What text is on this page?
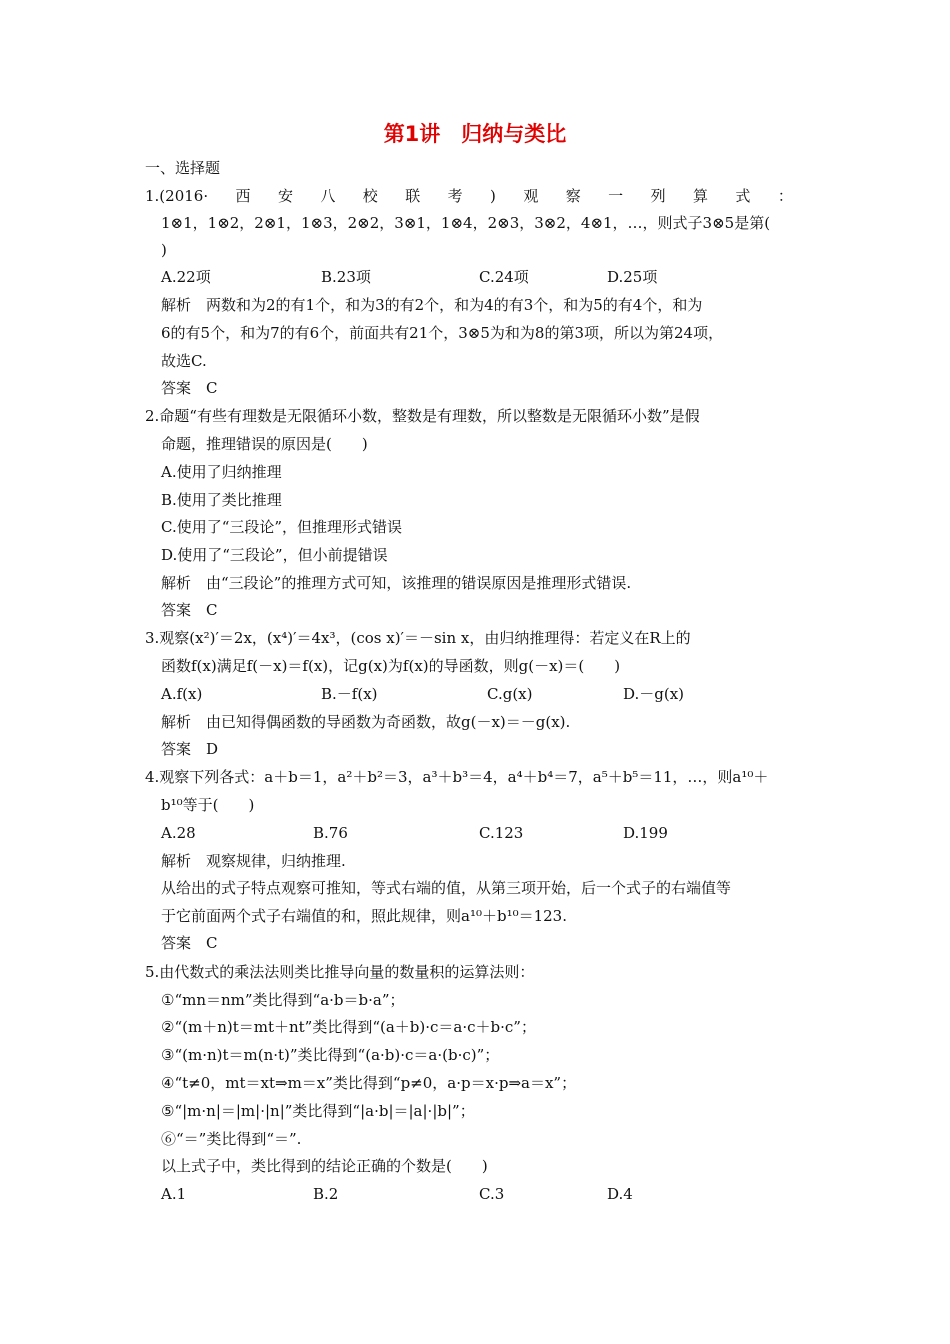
第1讲　归纳与类比
一、选择题
1.(2016· 西 安 八 校 联 考 ) 观 察 一 列 算 式 ：
1⊗1，1⊗2，2⊗1，1⊗3，2⊗2，3⊗1，1⊗4，2⊗3，3⊗2，4⊗1，…，则式子3⊗5是第(
)
A.22项	B.23项	C.24项	D.25项
解析　两数和为2的有1个，和为3的有2个，和为4的有3个，和为5的有4个，和为
6的有5个，和为7的有6个，前面共有21个，3⊗5为和为8的第3项，所以为第24项，
故选C.
答案　C
2.命题“有些有理数是无限循环小数，整数是有理数，所以整数是无限循环小数”是假
命题，推理错误的原因是(　　)
A.使用了归纳推理
B.使用了类比推理
C.使用了“三段论”，但推理形式错误
D.使用了“三段论”，但小前提错误
解析　由“三段论”的推理方式可知，该推理的错误原因是推理形式错误.
答案　C
3.观察(x²)′＝2x，(x⁴)′＝4x³，(cos x)′＝－sin x，由归纳推理得：若定义在R上的
函数f(x)满足f(－x)＝f(x)，记g(x)为f(x)的导函数，则g(－x)＝(　　)
A.f(x)	B.－f(x)	C.g(x)	D.－g(x)
解析　由已知得偶函数的导函数为奇函数，故g(－x)＝－g(x).
答案　D
4.观察下列各式：a＋b＝1，a²＋b²＝3，a³＋b³＝4，a⁴＋b⁴＝7，a⁵＋b⁵＝11，…，则a¹⁰＋
b¹⁰等于(　　)
A.28	B.76	C.123	D.199
解析　观察规律，归纳推理.
从给出的式子特点观察可推知，等式右端的值，从第三项开始，后一个式子的右端值等
于它前面两个式子右端值的和，照此规律，则a¹⁰＋b¹⁰＝123.
答案　C
5.由代数式的乘法法则类比推导向量的数量积的运算法则：
①“mn＝nm”类比得到“a·b＝b·a”；
②“(m＋n)t＝mt＋nt”类比得到“(a＋b)·c＝a·c＋b·c”；
③“(m·n)t＝m(n·t)”类比得到“(a·b)·c＝a·(b·c)”；
④“t≠0，mt＝xt⇒m＝x”类比得到“p≠0，a·p＝x·p⇒a＝x”；
⑤“|m·n|＝|m|·|n|”类比得到“|a·b|＝|a|·|b|”；
⑥“＝”类比得到“＝”.
以上式子中，类比得到的结论正确的个数是(　　)
A.1	B.2	C.3	D.4
